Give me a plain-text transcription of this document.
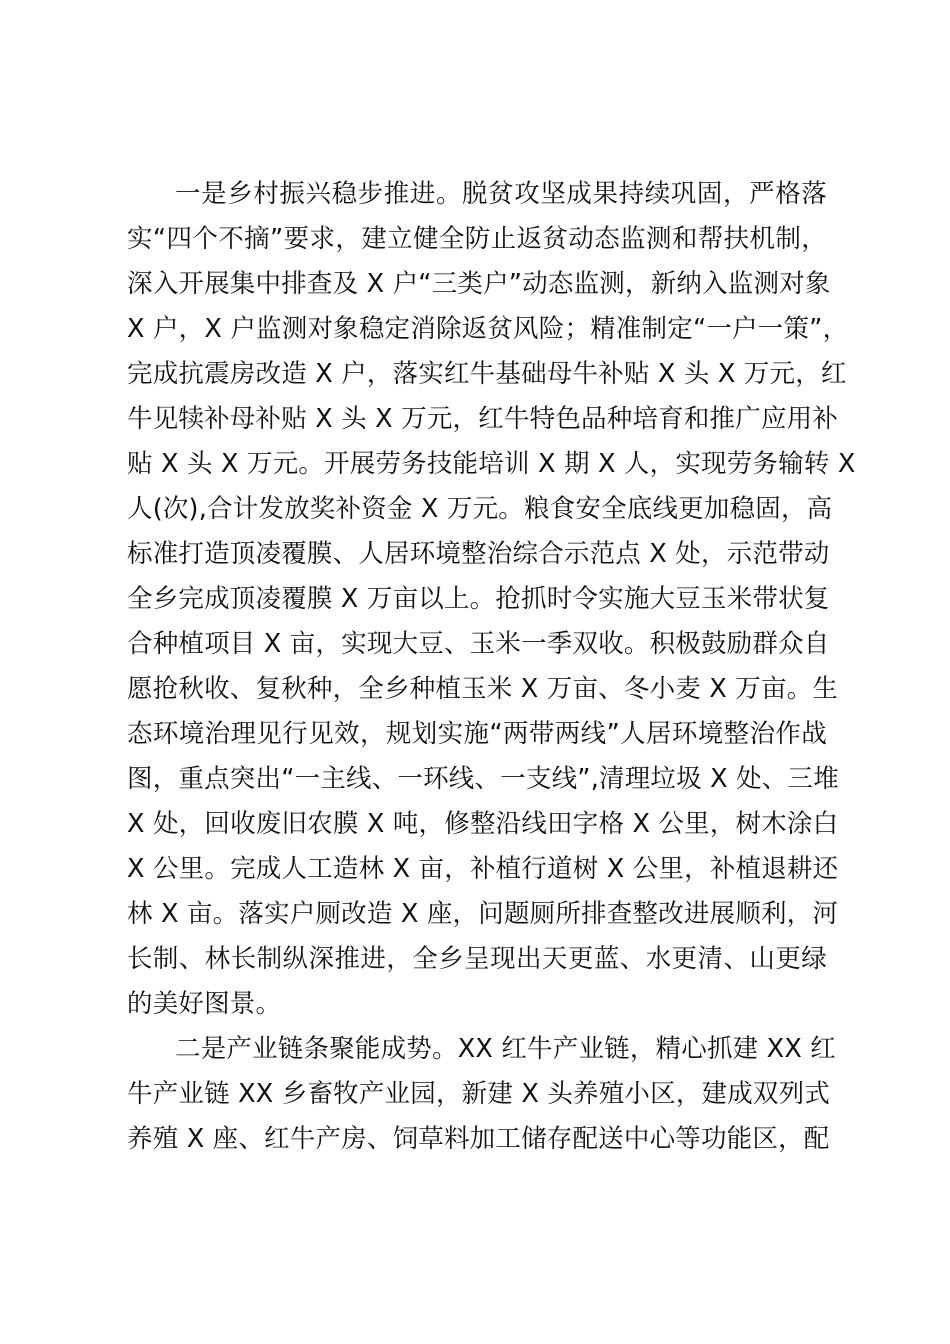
一是乡村振兴稳步推进。脱贫攻坚成果持续巩固，严格落
实“四个不摘”要求，建立健全防止返贫动态监测和帮扶机制，
深入开展集中排查及 X 户“三类户”动态监测，新纳入监测对象
X 户，X 户监测对象稳定消除返贫风险；精准制定“一户一策”，
完成抗震房改造 X 户，落实红牛基础母牛补贴 X 头 X 万元，红
牛见犊补母补贴 X 头 X 万元，红牛特色品种培育和推广应用补
贴 X 头 X 万元。开展劳务技能培训 X 期 X 人，实现劳务输转 X
人(次),合计发放奖补资金 X 万元。粮食安全底线更加稳固，高
标准打造顶凌覆膜、人居环境整治综合示范点 X 处，示范带动
全乡完成顶凌覆膜 X 万亩以上。抢抓时令实施大豆玉米带状复
合种植项目 X 亩，实现大豆、玉米一季双收。积极鼓励群众自
愿抢秋收、复秋种，全乡种植玉米 X 万亩、冬小麦 X 万亩。生
态环境治理见行见效，规划实施“两带两线”人居环境整治作战
图，重点突出“一主线、一环线、一支线”,清理垃圾 X 处、三堆
X 处，回收废旧农膜 X 吨，修整沿线田字格 X 公里，树木涂白
X 公里。完成人工造林 X 亩，补植行道树 X 公里，补植退耕还
林 X 亩。落实户厕改造 X 座，问题厕所排查整改进展顺利，河
长制、林长制纵深推进，全乡呈现出天更蓝、水更清、山更绿
的美好图景。
二是产业链条聚能成势。XX 红牛产业链，精心抓建 XX 红
牛产业链 XX 乡畜牧产业园，新建 X 头养殖小区，建成双列式
养殖 X 座、红牛产房、饲草料加工储存配送中心等功能区，配
